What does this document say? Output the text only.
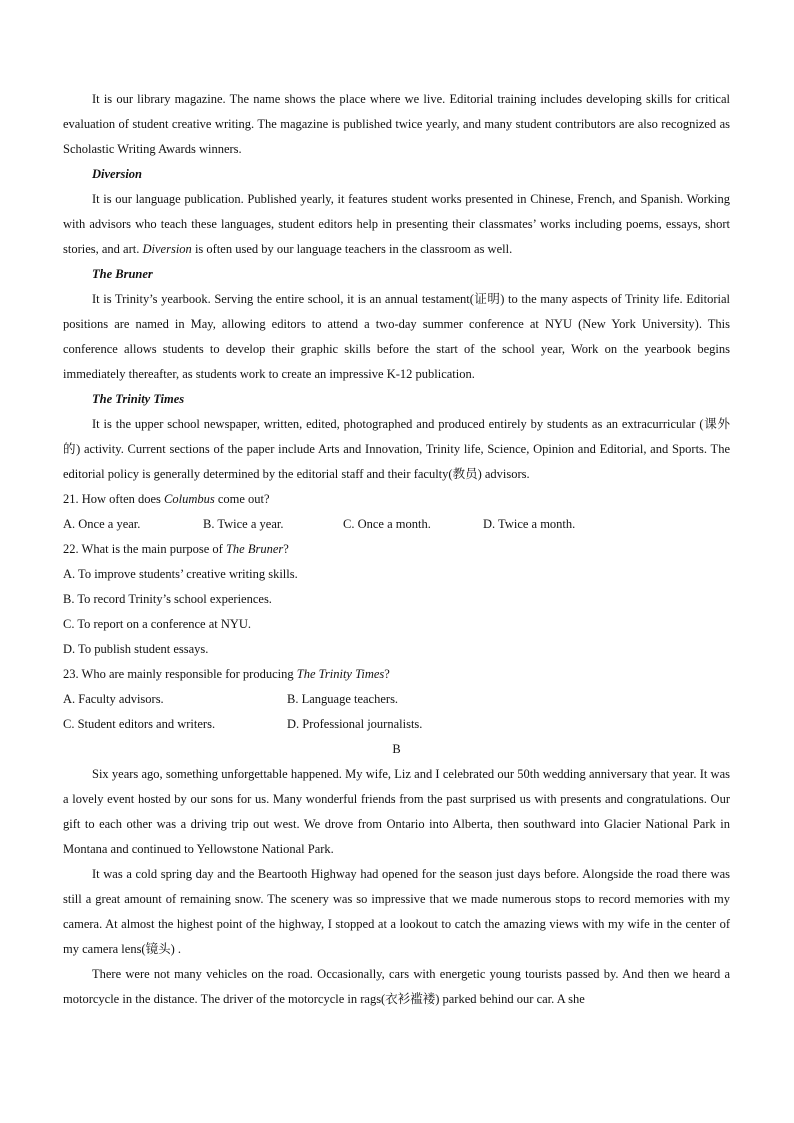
It is our library magazine. The name shows the place where we live. Editorial training includes developing skills for critical evaluation of student creative writing. The magazine is published twice yearly, and many student contributors are also recognized as Scholastic Writing Awards winners.

Diversion

It is our language publication. Published yearly, it features student works presented in Chinese, French, and Spanish. Working with advisors who teach these languages, student editors help in presenting their classmates’ works including poems, essays, short stories, and art. Diversion is often used by our language teachers in the classroom as well.

The Bruner

It is Trinity’s yearbook. Serving the entire school, it is an annual testament(证明) to the many aspects of Trinity life. Editorial positions are named in May, allowing editors to attend a two-day summer conference at NYU (New York University). This conference allows students to develop their graphic skills before the start of the school year, Work on the yearbook begins immediately thereafter, as students work to create an impressive K-12 publication.

The Trinity Times

It is the upper school newspaper, written, edited, photographed and produced entirely by students as an extracurricular (课外的) activity. Current sections of the paper include Arts and Innovation, Trinity life, Science, Opinion and Editorial, and Sports. The editorial policy is generally determined by the editorial staff and their faculty(教员) advisors.

21. How often does Columbus come out?

A. Once a year.	B. Twice a year.	C. Once a month.	D. Twice a month.

22. What is the main purpose of The Bruner?

A. To improve students’ creative writing skills.

B. To record Trinity’s school experiences.

C. To report on a conference at NYU.

D. To publish student essays.

23. Who are mainly responsible for producing The Trinity Times?

A. Faculty advisors.	B. Language teachers.
C. Student editors and writers.	D. Professional journalists.

B

Six years ago, something unforgettable happened. My wife, Liz and I celebrated our 50th wedding anniversary that year. It was a lovely event hosted by our sons for us. Many wonderful friends from the past surprised us with presents and congratulations. Our gift to each other was a driving trip out west. We drove from Ontario into Alberta, then southward into Glacier National Park in Montana and continued to Yellowstone National Park.

It was a cold spring day and the Beartooth Highway had opened for the season just days before. Alongside the road there was still a great amount of remaining snow. The scenery was so impressive that we made numerous stops to record memories with my camera. At almost the highest point of the highway, I stopped at a lookout to catch the amazing views with my wife in the center of my camera lens(镜头) .

There were not many vehicles on the road. Occasionally, cars with energetic young tourists passed by. And then we heard a motorcycle in the distance. The driver of the motorcycle in rags(衣衫褴褛) parked behind our car. A she
